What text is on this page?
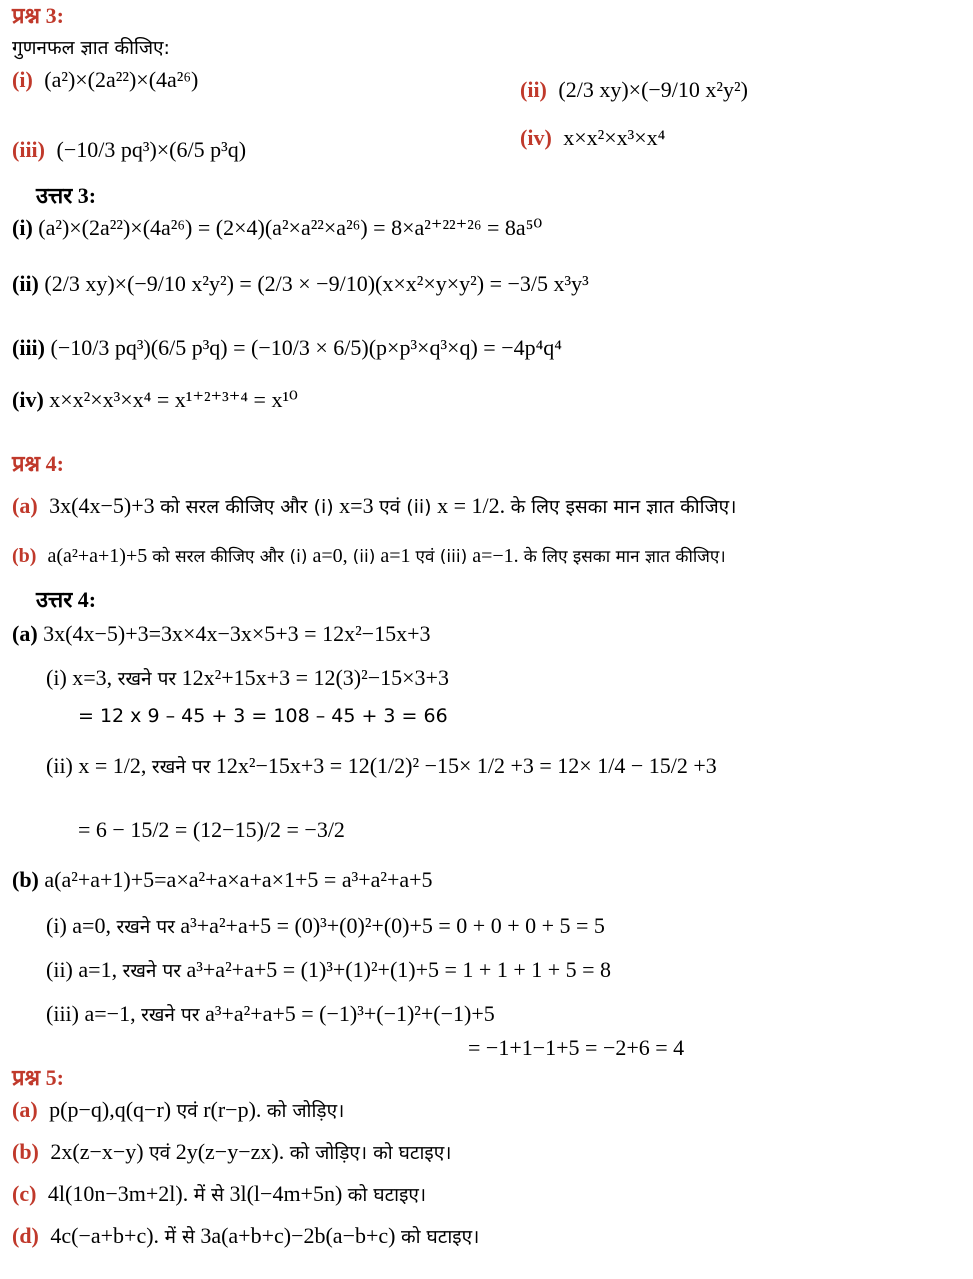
प्रश्न 3:
गुणनफल ज्ञात कीजिए:
(i) (a²)×(2a²²)×(4a²⁶)	(ii) (2/3 xy)×(−9/10 x²y²)
(iii) (−10/3 pq³)×(6/5 p³q)	(iv) x×x²×x³×x⁴
उत्तर 3:
(i) (a²)×(2a²²)×(4a²⁶) = (2×4)(a²×a²²×a²⁶) = 8×a²⁺²²⁺²⁶ = 8a⁵⁰
(ii) (2/3 xy)×(−9/10 x²y²) = (2/3 × −9/10)(x×x²×y×y²) = −3/5 x³y³
(iii) (−10/3 pq³)(6/5 p³q) = (−10/3 × 6/5)(p×p³×q³×q) = −4p⁴q⁴
(iv) x×x²×x³×x⁴ = x¹⁺²⁺³⁺⁴ = x¹⁰
प्रश्न 4:
(a) 3x(4x−5)+3 को सरल कीजिए और (i) x=3 एवं (ii) x = 1/2. के लिए इसका मान ज्ञात कीजिए।
(b) a(a²+a+1)+5 को सरल कीजिए और (i) a=0, (ii) a=1 एवं (iii) a=−1. के लिए इसका मान ज्ञात कीजिए।
उत्तर 4:
(a) 3x(4x−5)+3=3x×4x−3x×5+3 = 12x²−15x+3
(i) x=3, रखने पर 12x²+15x+3 = 12(3)²−15×3+3
= 12 x 9 – 45 + 3 = 108 – 45 + 3 = 66
(ii) x = 1/2, रखने पर 12x²−15x+3 = 12(1/2)² −15× 1/2 +3 = 12× 1/4 − 15/2 +3
= 6 − 15/2 = (12−15)/2 = −3/2
(b) a(a²+a+1)+5=a×a²+a×a+a×1+5 = a³+a²+a+5
(i) a=0, रखने पर a³+a²+a+5 = (0)³+(0)²+(0)+5 = 0 + 0 + 0 + 5 = 5
(ii) a=1, रखने पर a³+a²+a+5 = (1)³+(1)²+(1)+5 = 1 + 1 + 1 + 5 = 8
(iii) a=−1, रखने पर a³+a²+a+5 = (−1)³+(−1)²+(−1)+5
= −1+1−1+5 = −2+6 = 4
प्रश्न 5:
(a) p(p−q),q(q−r) एवं r(r−p). को जोड़िए।
(b) 2x(z−x−y) एवं 2y(z−y−zx). को जोड़िए। को घटाइए।
(c) 4l(10n−3m+2l). में से 3l(l−4m+5n) को घटाइए।
(d) 4c(−a+b+c). में से 3a(a+b+c)−2b(a−b+c) को घटाइए।
